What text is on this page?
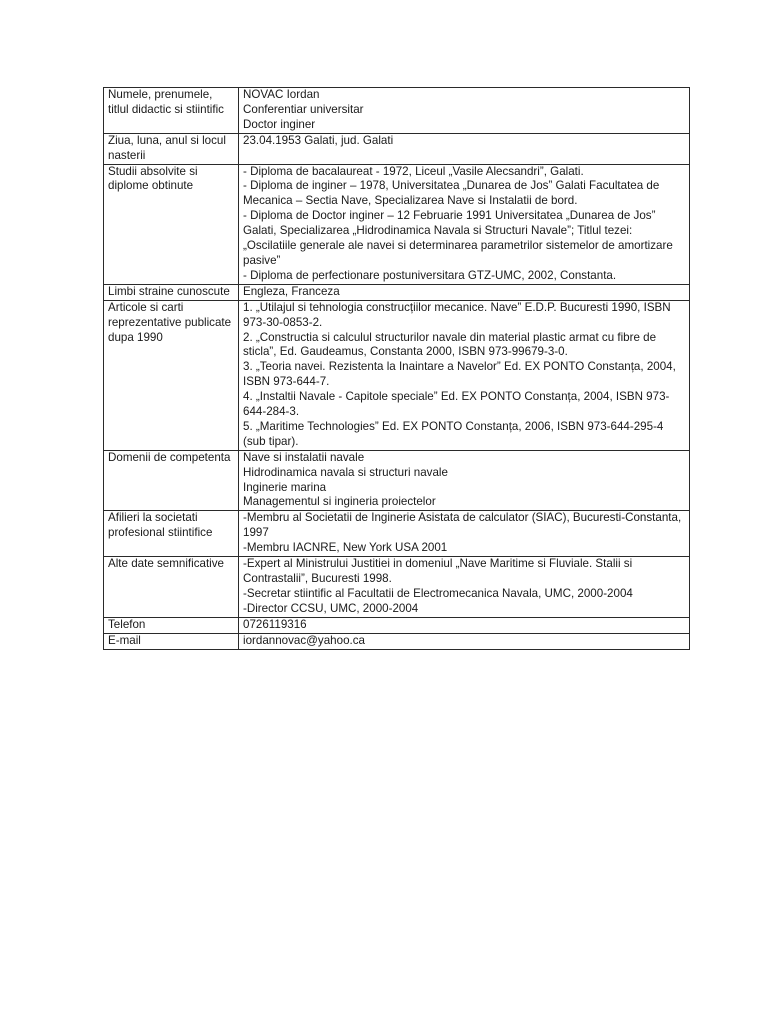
Numele, prenumele, titlul didactic si stiintific	NOVAC Iordan
Conferentiar universitar
Doctor inginer

Ziua, luna, anul si locul nasterii	23.04.1953 Galati, jud. Galati

Studii absolvite si diplome obtinute	- Diploma de bacalaureat - 1972, Liceul „Vasile Alecsandri”, Galati.
- Diploma de inginer – 1978, Universitatea „Dunarea de Jos” Galati Facultatea de Mecanica – Sectia Nave, Specializarea Nave si Instalatii de bord.
- Diploma de Doctor inginer – 12 Februarie 1991 Universitatea „Dunarea de Jos” Galati, Specializarea „Hidrodinamica Navala si Structuri Navale”; Titlul tezei: „Oscilatiile generale ale navei si determinarea parametrilor sistemelor de amortizare pasive”
- Diploma de perfectionare postuniversitara GTZ-UMC, 2002, Constanta.

Limbi straine cunoscute	Engleza, Franceza

Articole si carti reprezentative publicate dupa 1990	1. „Utilajul si tehnologia construcțiilor mecanice. Nave” E.D.P. Bucuresti 1990, ISBN 973-30-0853-2.
2. „Constructia si calculul structurilor navale din material plastic armat cu fibre de sticla”, Ed. Gaudeamus, Constanta 2000, ISBN 973-99679-3-0.
3. „Teoria navei. Rezistenta la Inaintare a Navelor” Ed. EX PONTO Constanța, 2004, ISBN 973-644-7.
4. „Instaltii Navale - Capitole speciale” Ed. EX PONTO Constanța, 2004, ISBN 973-644-284-3.
5. „Maritime Technologies” Ed. EX PONTO Constanța, 2006, ISBN 973-644-295-4 (sub tipar).

Domenii de competenta	Nave si instalatii navale
Hidrodinamica navala si structuri navale
Inginerie marina
Managementul si ingineria proiectelor

Afilieri la societati profesional stiintifice	-Membru al Societatii de Inginerie Asistata de calculator (SIAC), Bucuresti-Constanta, 1997
-Membru IACNRE, New York USA 2001

Alte date semnificative	-Expert al Ministrului Justitiei in domeniul „Nave Maritime si Fluviale. Stalii si Contrastalii”, Bucuresti 1998.
-Secretar stiintific al Facultatii de Electromecanica Navala, UMC, 2000-2004
-Director CCSU, UMC, 2000-2004

Telefon	0726119316

E-mail	iordannovac@yahoo.ca
